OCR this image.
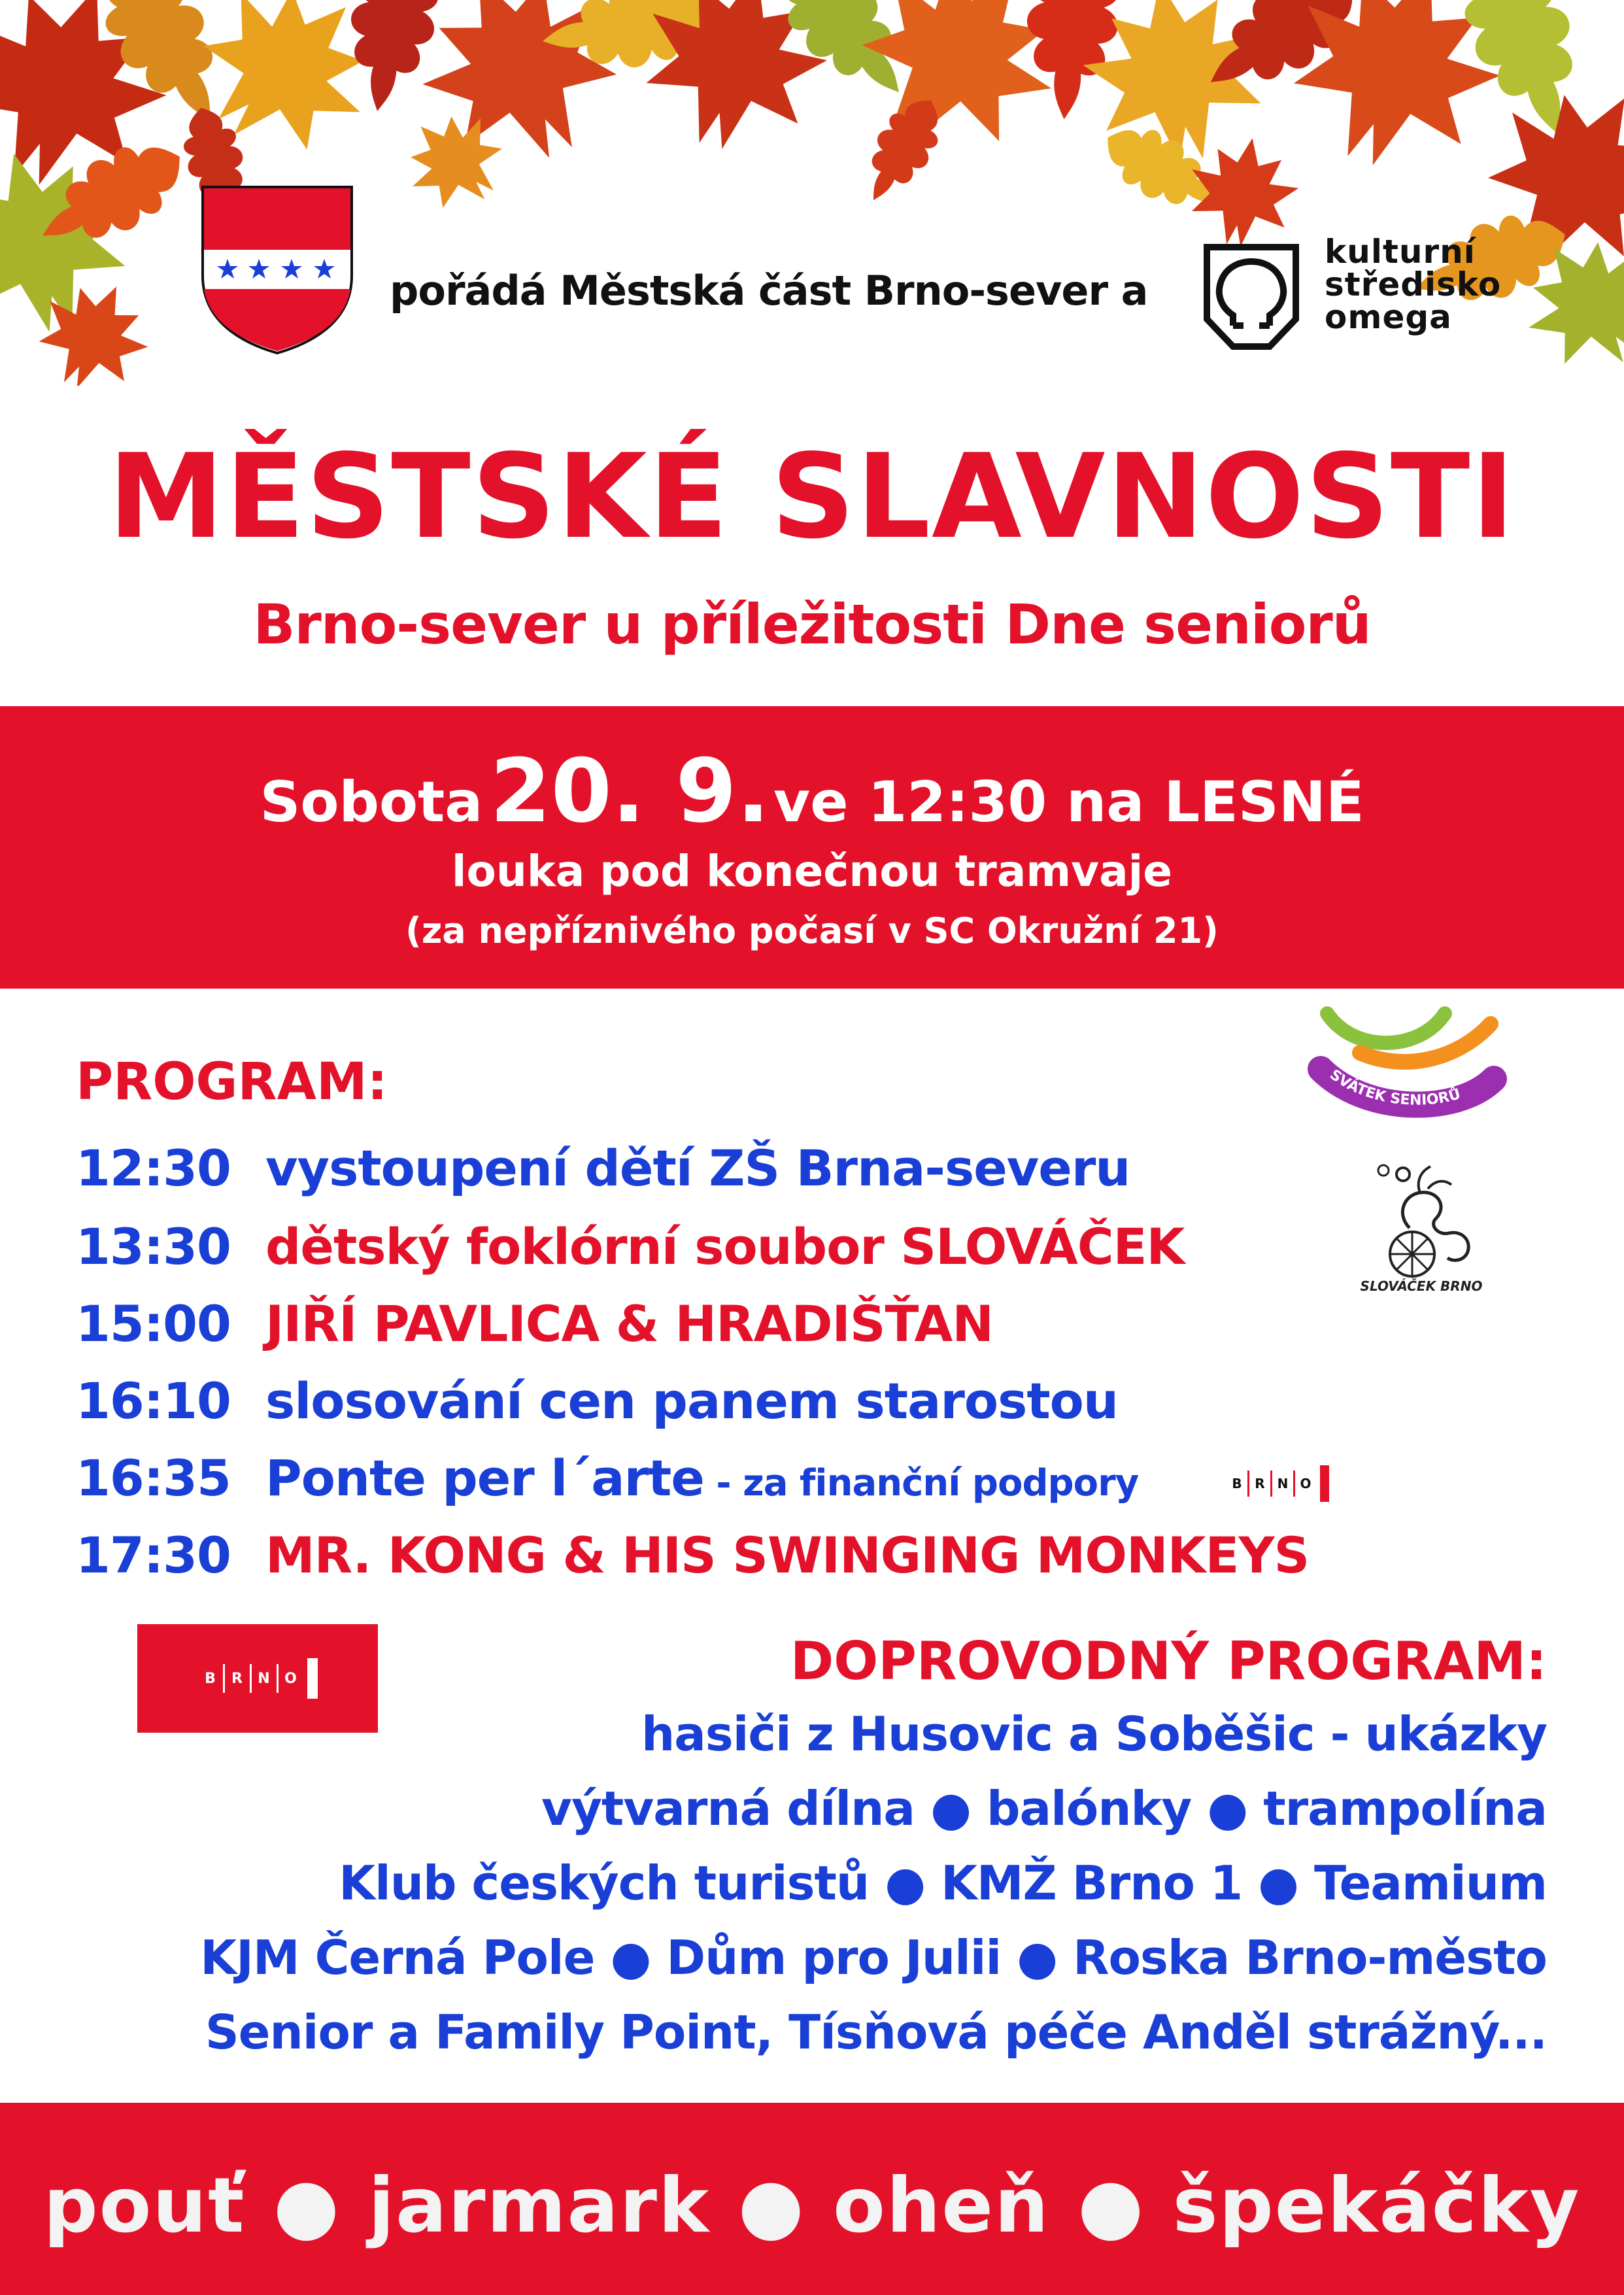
pořádá Městská část Brno-sever a
kulturní
středisko
omega
MĚSTSKÉ SLAVNOSTI
Brno-sever u příležitosti Dne seniorů
Sobota  20. 9. ve 12:30 na LESNÉ
louka pod konečnou tramvaje
(za nepříznivého počasí v SC Okružní 21)
PROGRAM:
12:30 vystoupení dětí ZŠ Brna-severu
13:30 dětský foklórní soubor SLOVÁČEK
15:00 JIŘÍ PAVLICA & HRADIŠŤAN
16:10 slosování cen panem starostou
16:35 Ponte per l´arte - za finanční podpory
17:30 MR. KONG & HIS SWINGING MONKEYS
SVÁTEK SENIORŮ
SLOVÁČEK BRNO
B R N O
B	R	N	O	DOPROVODNÝ PROGRAM:
hasiči z Husovic a Soběšic - ukázky
výtvarná dílna ● balónky ● trampolína
Klub českých turistů ● KMŽ Brno 1 ● Teamium
KJM Černá Pole ● Dům pro Julii ● Roska Brno-město
Senior a Family Point, Tísňová péče Anděl strážný...
pouť ● jarmark ● oheň ● špekáčky
